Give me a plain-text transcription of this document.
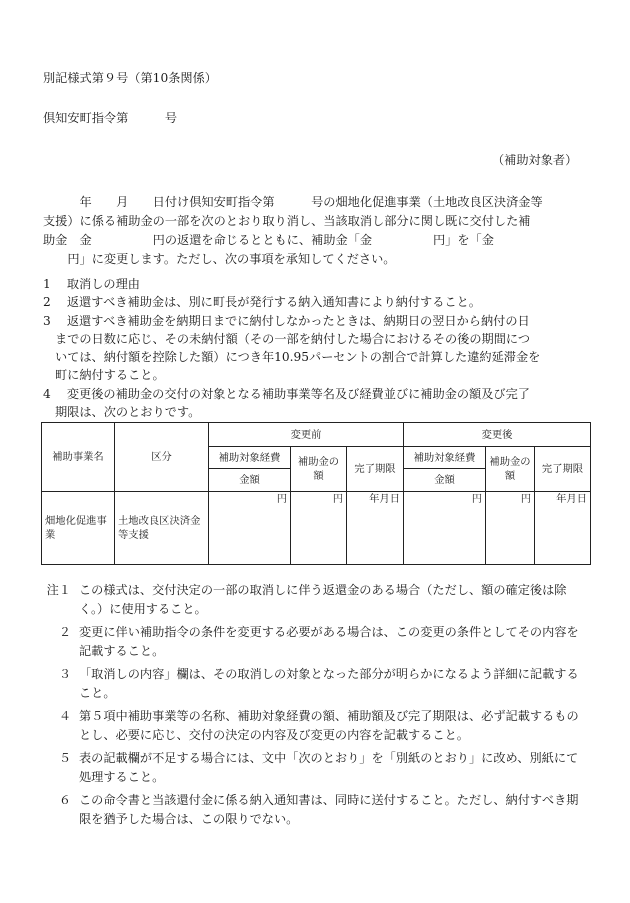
別記様式第９号（第10条関係）
倶知安町指令第　　　号
（補助対象者）

　　　年　　月　　日付け倶知安町指令第　　　号の畑地化促進事業（土地改良区決済金等

支援）に係る補助金の一部を次のとおり取り消し、当該取消し部分に関し既に交付した補

助金　金　　　　　円の返還を命じるとともに、補助金「金　　　　　円」を「金

　　円」に変更します。ただし、次の事項を承知してください。

1　 取消しの理由

2　 返還すべき補助金は、別に町長が発行する納入通知書により納付すること。

3　 返還すべき補助金を納期日までに納付しなかったときは、納期日の翌日から納付の日

までの日数に応じ、その未納付額（その一部を納付した場合におけるその後の期間につ

いては、納付額を控除した額）につき年10.95パーセントの割合で計算した違約延滞金を

町に納付すること。

4　 変更後の補助金の交付の対象となる補助事業等名及び経費並びに補助金の額及び完了

期限は、次のとおりです。

補助事業名	区分	変更前			変更後		
		補助対象経費	補助金の額	完了期限	補助対象経費	補助金の額	完了期限
		金額			金額		
畑地化促進事業	土地改良区決済金等支援	円	円	年月日	円	円	年月日
注１ この様式は、交付決定の一部の取消しに伴う返還金のある場合（ただし、額の確定後は除く。）に使用すること。
２ 変更に伴い補助指令の条件を変更する必要がある場合は、この変更の条件としてその内容を記載すること。
３ 「取消しの内容」欄は、その取消しの対象となった部分が明らかになるよう詳細に記載すること。
４ 第５項中補助事業等の名称、補助対象経費の額、補助額及び完了期限は、必ず記載するものとし、必要に応じ、交付の決定の内容及び変更の内容を記載すること。
５ 表の記載欄が不足する場合には、文中「次のとおり」を「別紙のとおり」に改め、別紙にて処理すること。
６ この命令書と当該還付金に係る納入通知書は、同時に送付すること。ただし、納付すべき期限を猶予した場合は、この限りでない。
